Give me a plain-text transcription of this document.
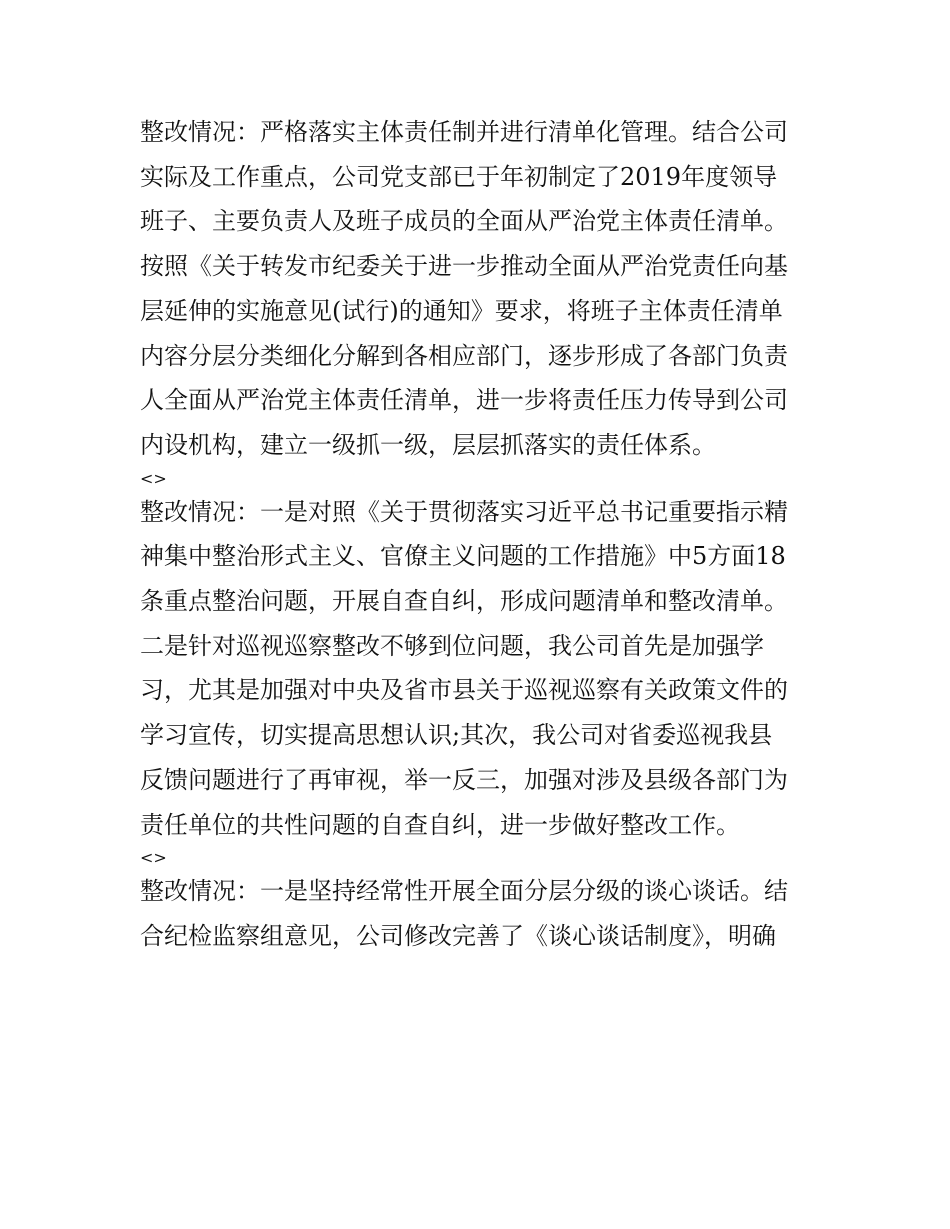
整改情况：严格落实主体责任制并进行清单化管理。结合公司
实际及工作重点，公司党支部已于年初制定了2019年度领导
班子、主要负责人及班子成员的全面从严治党主体责任清单。
按照《关于转发市纪委关于进一步推动全面从严治党责任向基
层延伸的实施意见(试行)的通知》要求，将班子主体责任清单
内容分层分类细化分解到各相应部门，逐步形成了各部门负责
人全面从严治党主体责任清单，进一步将责任压力传导到公司
内设机构，建立一级抓一级，层层抓落实的责任体系。
<>
整改情况：一是对照《关于贯彻落实习近平总书记重要指示精
神集中整治形式主义、官僚主义问题的工作措施》中5方面18
条重点整治问题，开展自查自纠，形成问题清单和整改清单。
二是针对巡视巡察整改不够到位问题，我公司首先是加强学
习，尤其是加强对中央及省市县关于巡视巡察有关政策文件的
学习宣传，切实提高思想认识;其次，我公司对省委巡视我县
反馈问题进行了再审视，举一反三，加强对涉及县级各部门为
责任单位的共性问题的自查自纠，进一步做好整改工作。
<>
整改情况：一是坚持经常性开展全面分层分级的谈心谈话。结
合纪检监察组意见，公司修改完善了《谈心谈话制度》，明确
